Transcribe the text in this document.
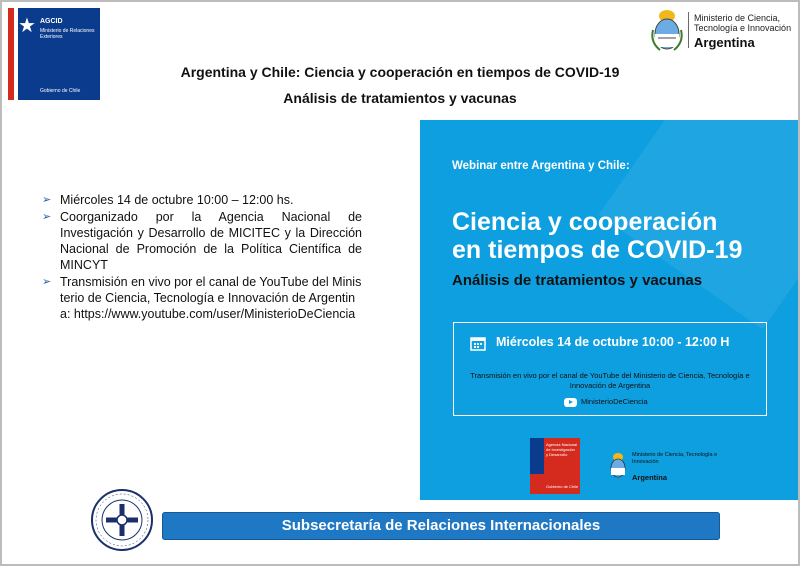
★ AGCID
Ministerio de Relaciones Exteriores
Gobierno de Chile
Ministerio de Ciencia, Tecnología e Innovación
Argentina
Argentina y Chile: Ciencia y cooperación en tiempos de COVID-19
Análisis de tratamientos y vacunas
➢ Miércoles 14 de octubre 10:00 – 12:00 hs.
➢ Coorganizado por la Agencia Nacional de Investigación y Desarrollo de MICITEC y la Dirección Nacional de Promoción de la Política Científica de MINCYT
➢ Transmisión en vivo por el canal de YouTube del Ministerio de Ciencia, Tecnología e Innovación de Argentina: https://www.youtube.com/user/MinisterioDeCiencia
Webinar entre Argentina y Chile:
Ciencia y cooperación
en tiempos de COVID-19
Análisis de tratamientos y vacunas
Miércoles 14 de octubre 10:00 - 12:00 H
Transmisión en vivo por el canal de YouTube del Ministerio de Ciencia, Tecnología e Innovación de Argentina
MinisterioDeCiencia
Agencia Nacional de Investigación y Desarrollo
Gobierno de Chile
Ministerio de Ciencia, Tecnología e Innovación
Argentina
Subsecretaría de Relaciones Internacionales
